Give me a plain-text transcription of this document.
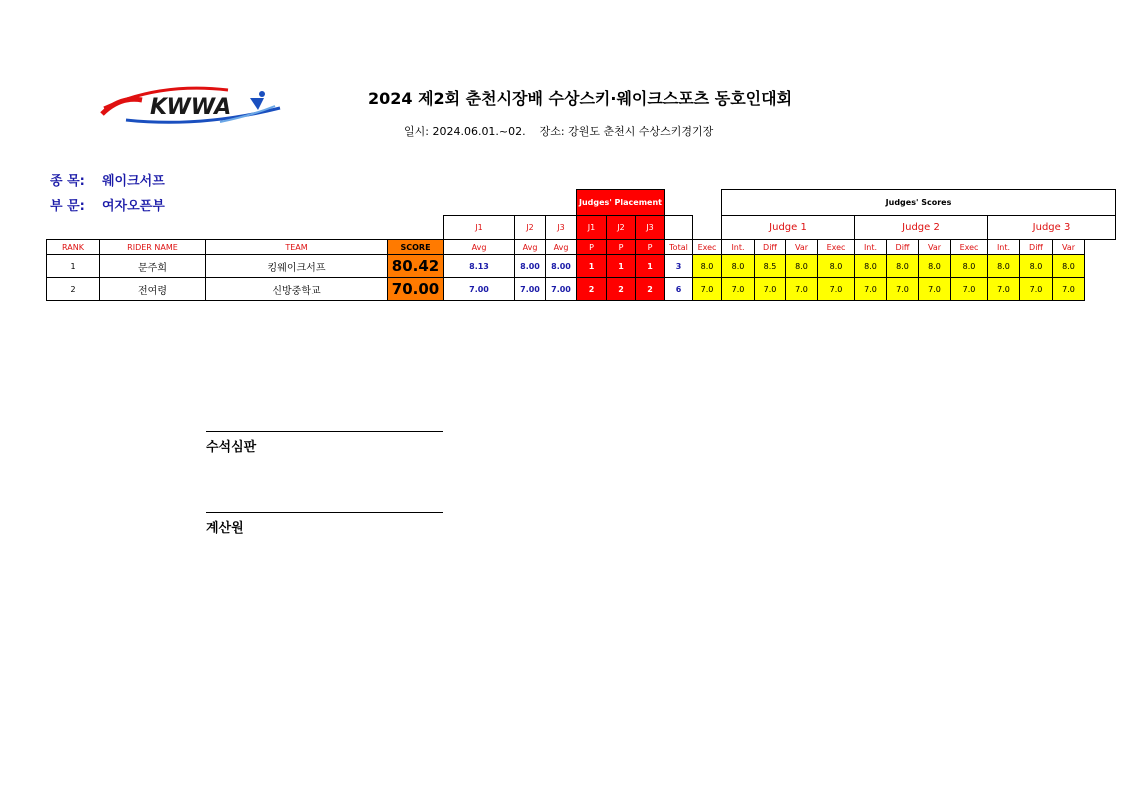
KWWA	2024 제2회 춘천시장배 수상스키·웨이크스포츠 동호인대회
일시: 2024.06.01.~02. 장소: 강원도 춘천시 수상스키경기장
종 목: 웨이크서프
부 문: 여자오픈부
							Judges' Placement					Judges' Scores										
				J1	J2	J3	J1	J2	J3			Judge 1				Judge 2				Judge 3		
RANK	RIDER NAME	TEAM	SCORE	Avg	Avg	Avg	P	P	P	Total	Exec	Int.	Diff	Var	Exec	Int.	Diff	Var	Exec	Int.	Diff	Var
1	문주희	킹웨이크서프	80.42	8.13	8.00	8.00	1	1	1	3	8.0	8.0	8.5	8.0	8.0	8.0	8.0	8.0	8.0	8.0	8.0	8.0
2	전여령	신방중학교	70.00	7.00	7.00	7.00	2	2	2	6	7.0	7.0	7.0	7.0	7.0	7.0	7.0	7.0	7.0	7.0	7.0	7.0
수석심판
계산원
